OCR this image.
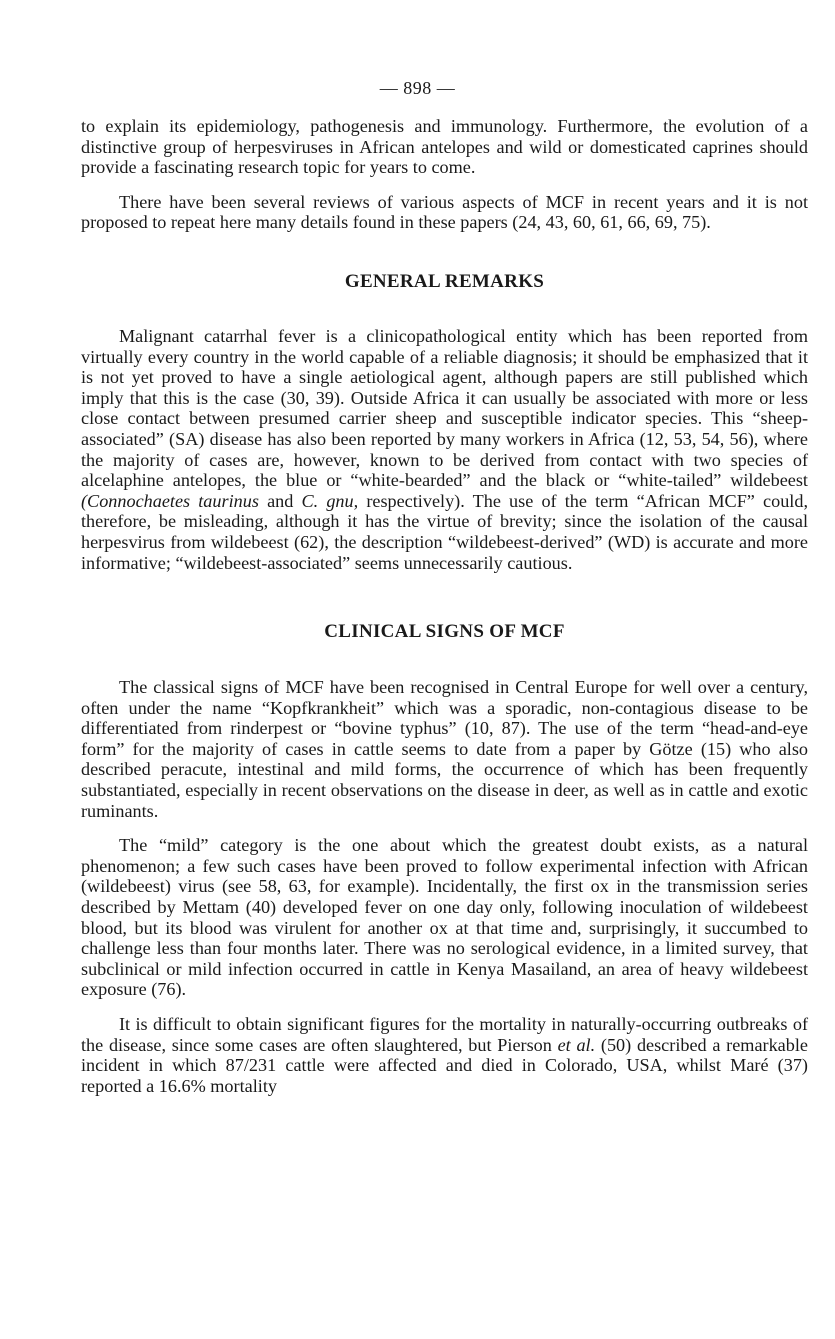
— 898 —

to explain its epidemiology, pathogenesis and immunology. Furthermore, the evolution of a distinctive group of herpesviruses in African antelopes and wild or domesticated caprines should provide a fascinating research topic for years to come.

There have been several reviews of various aspects of MCF in recent years and it is not proposed to repeat here many details found in these papers (24, 43, 60, 61, 66, 69, 75).

GENERAL REMARKS

Malignant catarrhal fever is a clinicopathological entity which has been reported from virtually every country in the world capable of a reliable diagnosis; it should be emphasized that it is not yet proved to have a single aetiological agent, although papers are still published which imply that this is the case (30, 39). Outside Africa it can usually be associated with more or less close contact between presumed carrier sheep and susceptible indicator species. This “sheep-associated” (SA) disease has also been reported by many workers in Africa (12, 53, 54, 56), where the majority of cases are, however, known to be derived from contact with two species of alcelaphine antelopes, the blue or “white-bearded” and the black or “white-tailed” wildebeest (Connochaetes taurinus and C. gnu, respectively). The use of the term “African MCF” could, therefore, be misleading, although it has the virtue of brevity; since the isolation of the causal herpesvirus from wildebeest (62), the description “wildebeest-derived” (WD) is accurate and more informative; “wildebeest-associated” seems unnecessarily cautious.

CLINICAL SIGNS OF MCF

The classical signs of MCF have been recognised in Central Europe for well over a century, often under the name “Kopfkrankheit” which was a sporadic, non-contagious disease to be differentiated from rinderpest or “bovine typhus” (10, 87). The use of the term “head-and-eye form” for the majority of cases in cattle seems to date from a paper by Götze (15) who also described peracute, intestinal and mild forms, the occurrence of which has been frequently substantiated, especially in recent observations on the disease in deer, as well as in cattle and exotic ruminants.

The “mild” category is the one about which the greatest doubt exists, as a natural phenomenon; a few such cases have been proved to follow experimental infection with African (wildebeest) virus (see 58, 63, for example). Incidentally, the first ox in the transmission series described by Mettam (40) developed fever on one day only, following inoculation of wildebeest blood, but its blood was virulent for another ox at that time and, surprisingly, it succumbed to challenge less than four months later. There was no serological evidence, in a limited survey, that subclinical or mild infection occurred in cattle in Kenya Masailand, an area of heavy wildebeest exposure (76).

It is difficult to obtain significant figures for the mortality in naturally-occurring outbreaks of the disease, since some cases are often slaughtered, but Pierson et al. (50) described a remarkable incident in which 87/231 cattle were affected and died in Colorado, USA, whilst Maré (37) reported a 16.6% mortality
